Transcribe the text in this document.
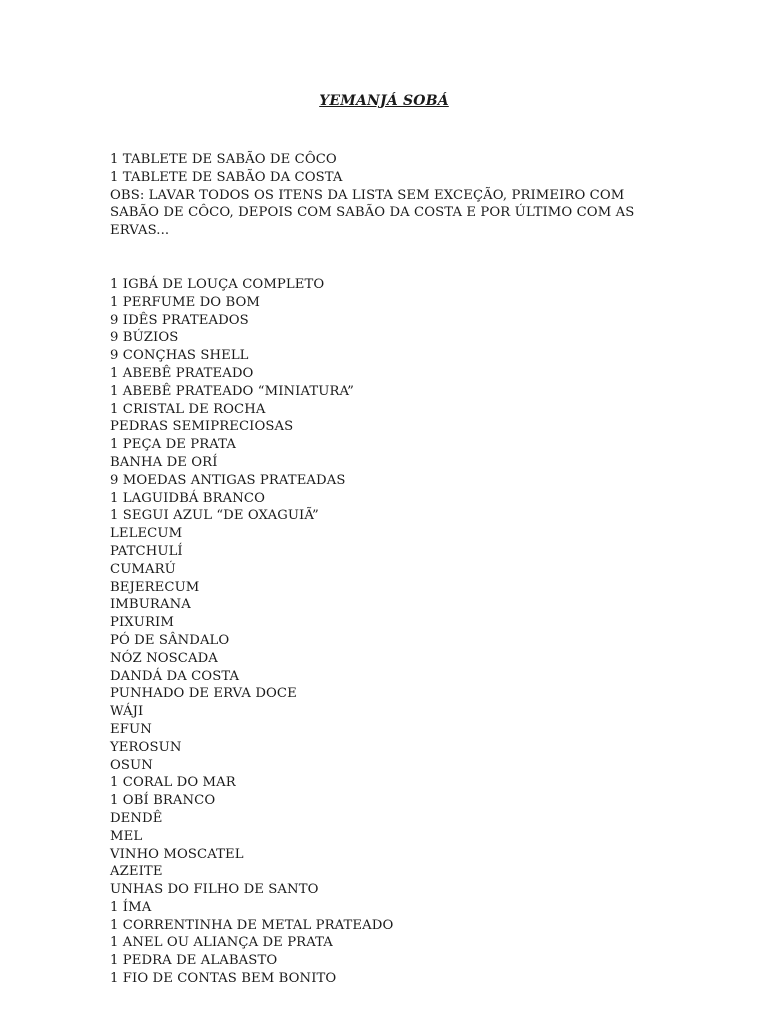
YEMANJÁ SOBÁ
1 TABLETE DE SABÃO DE CÔCO
1 TABLETE DE SABÃO DA COSTA
OBS: LAVAR TODOS OS ITENS DA LISTA SEM EXCEÇÃO, PRIMEIRO COM
SABÃO DE CÔCO, DEPOIS COM SABÃO DA COSTA E POR ÚLTIMO COM AS
ERVAS...
1 IGBÁ DE LOUÇA COMPLETO
1 PERFUME DO BOM
9 IDÊS PRATEADOS
9 BÚZIOS
9 CONÇHAS SHELL
1 ABEBÊ PRATEADO
1 ABEBÊ PRATEADO “MINIATURA”
1 CRISTAL DE ROCHA
PEDRAS SEMIPRECIOSAS
1 PEÇA DE PRATA
BANHA DE ORÍ
9 MOEDAS ANTIGAS PRATEADAS
1 LAGUIDBÁ BRANCO
1 SEGUI AZUL “DE OXAGUIÃ”
LELECUM
PATCHULÍ
CUMARÚ
BEJERECUM
IMBURANA
PIXURIM
PÓ DE SÂNDALO
NÓZ NOSCADA
DANDÁ DA COSTA
PUNHADO DE ERVA DOCE
WÁJI
EFUN
YEROSUN
OSUN
1 CORAL DO MAR
1 OBÍ BRANCO
DENDÊ
MEL
VINHO MOSCATEL
AZEITE
UNHAS DO FILHO DE SANTO
1 ÍMA
1 CORRENTINHA DE METAL PRATEADO
1 ANEL OU ALIANÇA DE PRATA
1 PEDRA DE ALABASTO
1 FIO DE CONTAS BEM BONITO
